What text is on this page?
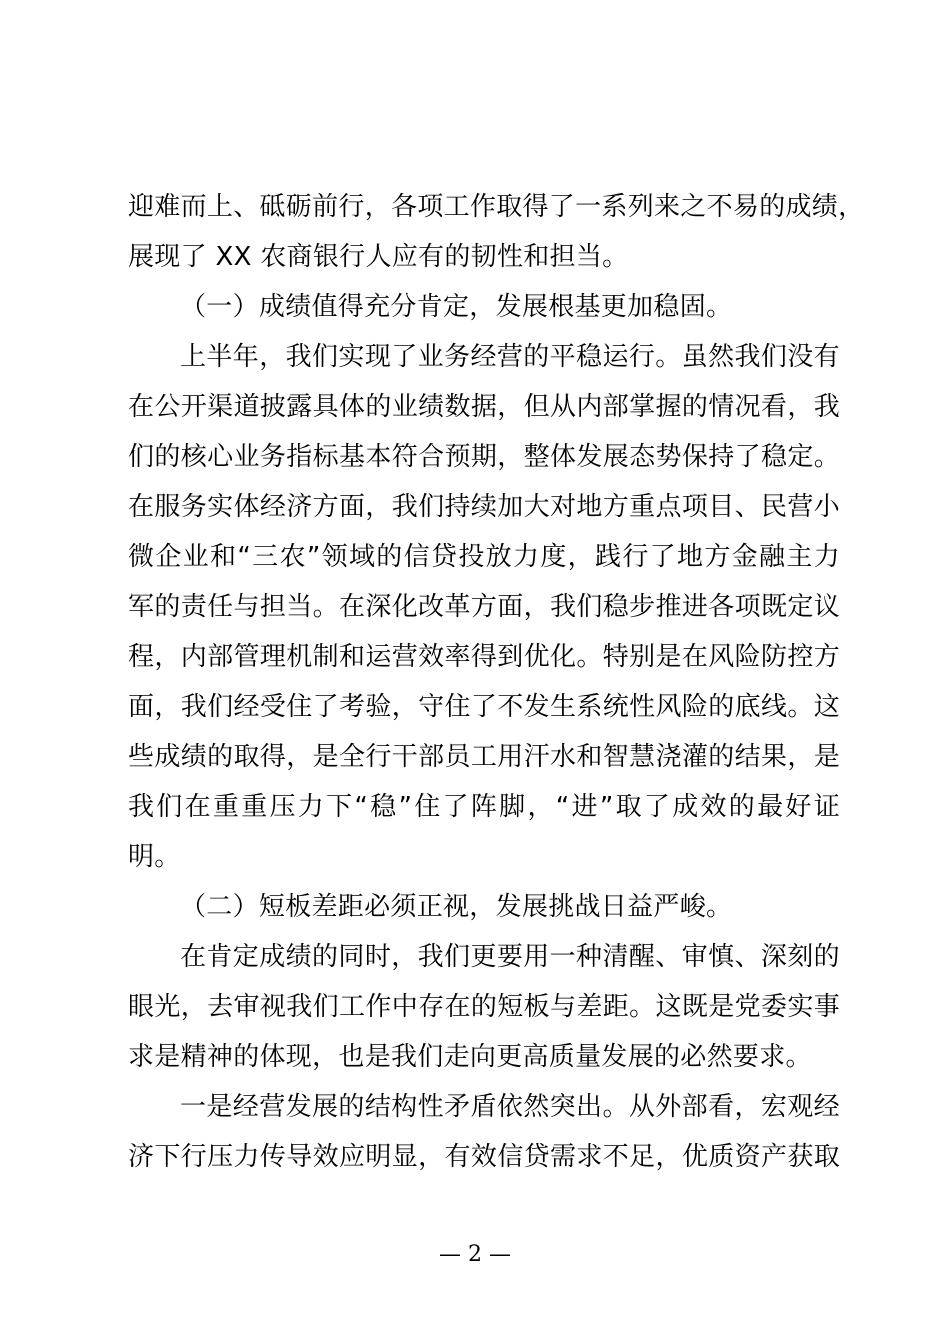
迎难而上、砥砺前行，各项工作取得了一系列来之不易的成绩，
展现了 XX 农商银行人应有的韧性和担当。
（一）成绩值得充分肯定，发展根基更加稳固。
上半年，我们实现了业务经营的平稳运行。虽然我们没有
在公开渠道披露具体的业绩数据，但从内部掌握的情况看，我
们的核心业务指标基本符合预期，整体发展态势保持了稳定。
在服务实体经济方面，我们持续加大对地方重点项目、民营小
微企业和“三农”领域的信贷投放力度，践行了地方金融主力
军的责任与担当。在深化改革方面，我们稳步推进各项既定议
程，内部管理机制和运营效率得到优化。特别是在风险防控方
面，我们经受住了考验，守住了不发生系统性风险的底线。这
些成绩的取得，是全行干部员工用汗水和智慧浇灌的结果，是
我们在重重压力下“稳”住了阵脚，“进”取了成效的最好证
明。
（二）短板差距必须正视，发展挑战日益严峻。
在肯定成绩的同时，我们更要用一种清醒、审慎、深刻的
眼光，去审视我们工作中存在的短板与差距。这既是党委实事
求是精神的体现，也是我们走向更高质量发展的必然要求。
一是经营发展的结构性矛盾依然突出。从外部看，宏观经
济下行压力传导效应明显，有效信贷需求不足，优质资产获取
— 2 —
